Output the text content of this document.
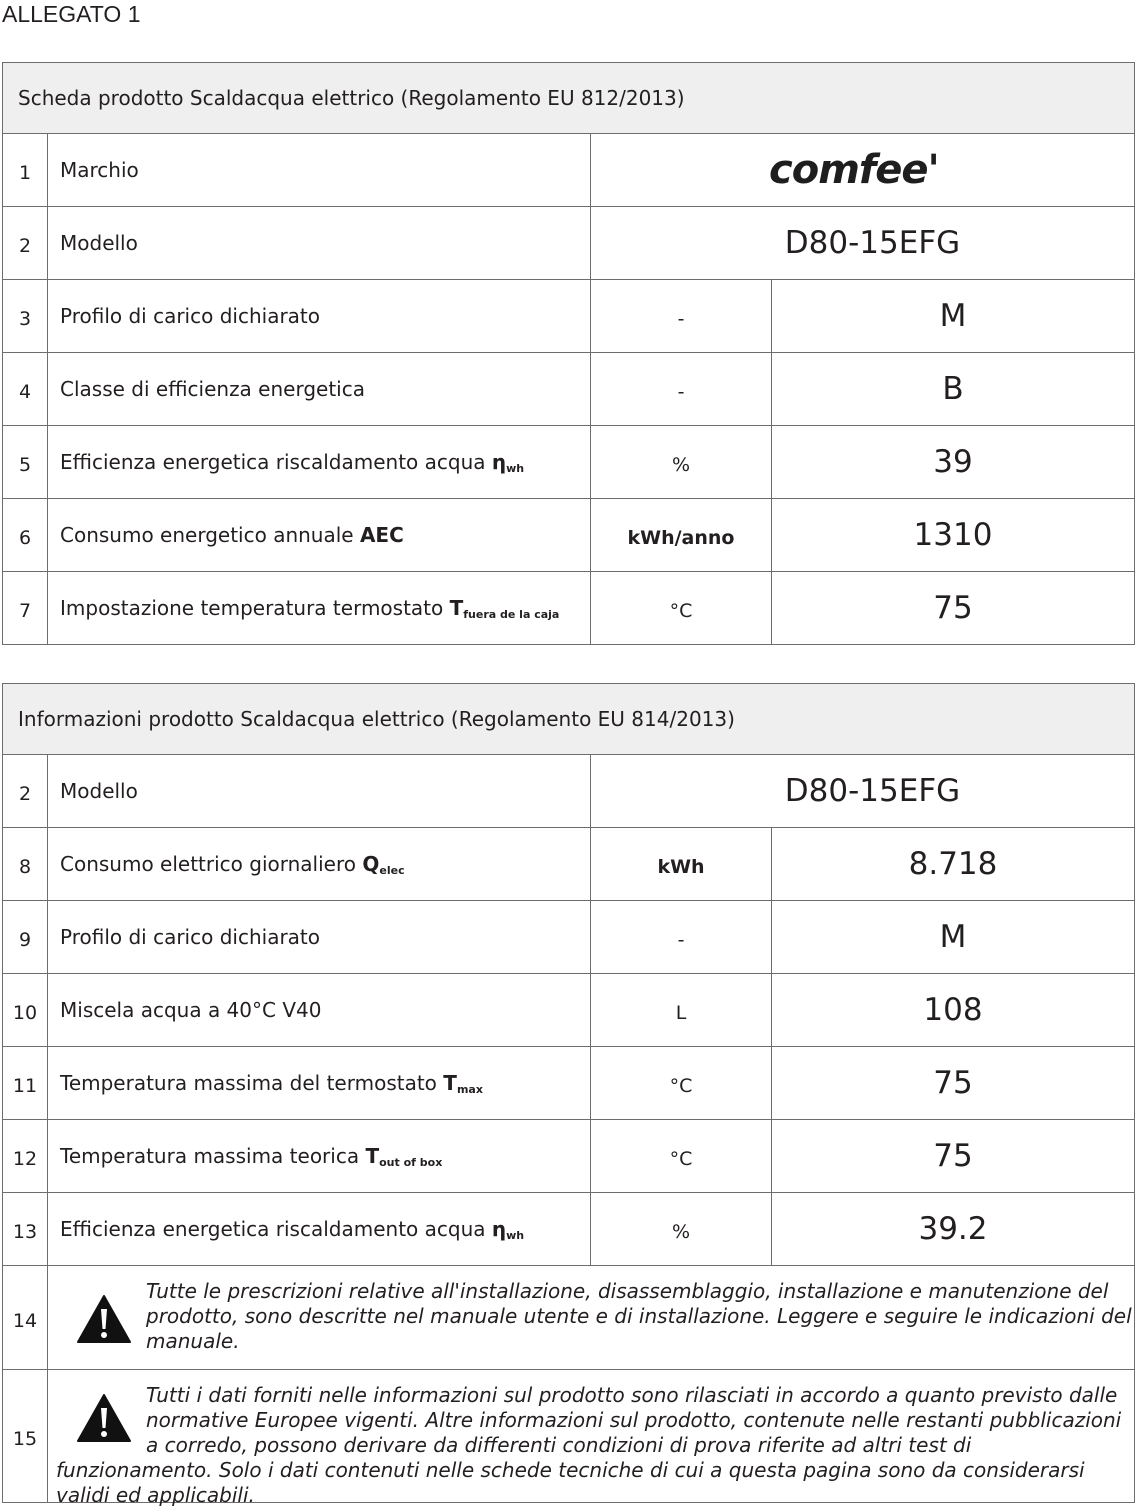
ALLEGATO 1
Scheda prodotto Scaldacqua elettrico (Regolamento EU 812/2013)
1	Marchio	comfee'
2	Modello	D80-15EFG
3	Profilo di carico dichiarato	-	M
4	Classe di efficienza energetica	-	B
5	Efficienza energetica riscaldamento acqua $\eta_{wh}$	%	39
6	Consumo energetico annuale AEC	kWh/anno	1310
7	Impostazione temperatura termostato $T_{fuera de la caja}$	°C	75
Informazioni prodotto Scaldacqua elettrico (Regolamento EU 814/2013)
2	Modello	D80-15EFG
8	Consumo elettrico giornaliero $Q_{elec}$	kWh	8.718
9	Profilo di carico dichiarato	-	M
10	Miscela acqua a 40°C V40	L	108
11	Temperatura massima del termostato $T_{max}$	°C	75
12	Temperatura massima teorica $T_{out of box}$	°C	75
13	Efficienza energetica riscaldamento acqua $\eta_{wh}$	%	39.2
14
Tutte le prescrizioni relative all'installazione, disassemblaggio, installazione e manutenzione del prodotto, sono descritte nel manuale utente e di installazione. Leggere e seguire le indicazioni del manuale.
15
Tutti i dati forniti nelle informazioni sul prodotto sono rilasciati in accordo a quanto previsto dalle normative Europee vigenti. Altre informazioni sul prodotto, contenute nelle restanti pubblicazioni a corredo, possono derivare da differenti condizioni di prova riferite ad altri test di funzionamento. Solo i dati contenuti nelle schede tecniche di cui a questa pagina sono da considerarsi validi ed applicabili.
